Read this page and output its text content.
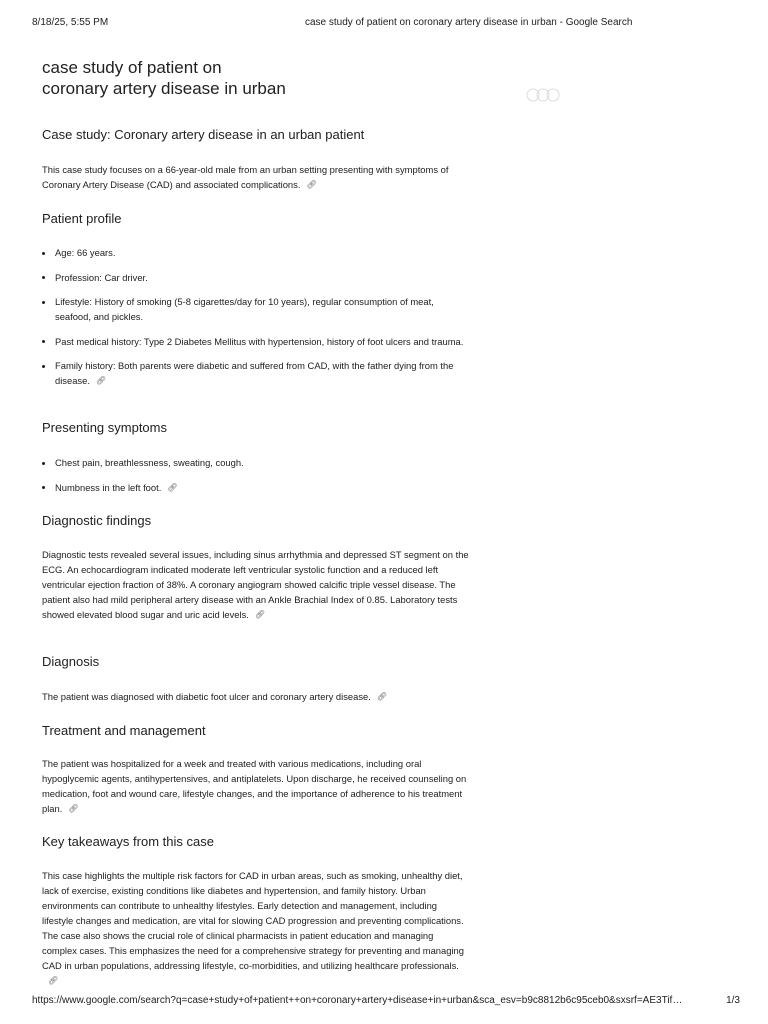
8/18/25, 5:55 PM	case study of patient on coronary artery disease in urban - Google Search
case study of patient on
coronary artery disease in urban
Case study: Coronary artery disease in an urban patient

This case study focuses on a 66-year-old male from an urban setting presenting with symptoms of Coronary Artery Disease (CAD) and associated complications. 🔗︎

Patient profile
Age: 66 years.
Profession: Car driver.
Lifestyle: History of smoking (5-8 cigarettes/day for 10 years), regular consumption of meat, seafood, and pickles.
Past medical history: Type 2 Diabetes Mellitus with hypertension, history of foot ulcers and trauma.
Family history: Both parents were diabetic and suffered from CAD, with the father dying from the disease. 🔗︎
Presenting symptoms
Chest pain, breathlessness, sweating, cough.
Numbness in the left foot. 🔗︎
Diagnostic findings

Diagnostic tests revealed several issues, including sinus arrhythmia and depressed ST segment on the ECG. An echocardiogram indicated moderate left ventricular systolic function and a reduced left ventricular ejection fraction of 38%. A coronary angiogram showed calcific triple vessel disease. The patient also had mild peripheral artery disease with an Ankle Brachial Index of 0.85. Laboratory tests showed elevated blood sugar and uric acid levels. 🔗︎

Diagnosis

The patient was diagnosed with diabetic foot ulcer and coronary artery disease. 🔗︎

Treatment and management

The patient was hospitalized for a week and treated with various medications, including oral hypoglycemic agents, antihypertensives, and antiplatelets. Upon discharge, he received counseling on medication, foot and wound care, lifestyle changes, and the importance of adherence to his treatment plan. 🔗︎

Key takeaways from this case

This case highlights the multiple risk factors for CAD in urban areas, such as smoking, unhealthy diet, lack of exercise, existing conditions like diabetes and hypertension, and family history. Urban environments can contribute to unhealthy lifestyles. Early detection and management, including lifestyle changes and medication, are vital for slowing CAD progression and preventing complications. The case also shows the crucial role of clinical pharmacists in patient education and managing complex cases. This emphasizes the need for a comprehensive strategy for preventing and managing CAD in urban populations, addressing lifestyle, co-morbidities, and utilizing healthcare professionals.🔗︎

https://www.google.com/search?q=case+study+of+patient++on+coronary+artery+disease+in+urban&sca_esv=b9c8812b6c95ceb0&sxsrf=AE3Tif…	1/3
